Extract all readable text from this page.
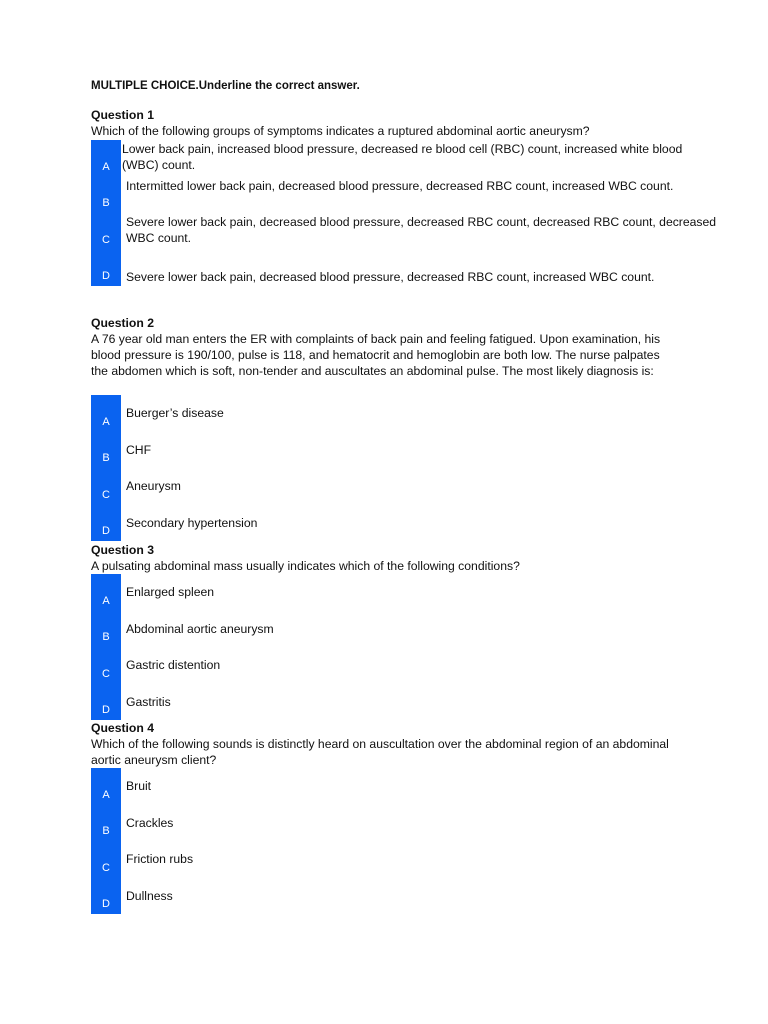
MULTIPLE CHOICE.Underline the correct answer.
Question 1
Which of the following groups of symptoms indicates a ruptured abdominal aortic aneurysm?
A
Lower back pain, increased blood pressure, decreased re blood cell (RBC) count, increased white blood (WBC) count.
B
Intermitted lower back pain, decreased blood pressure, decreased RBC count, increased WBC count.
C
Severe lower back pain, decreased blood pressure, decreased RBC count, decreased RBC count, decreased WBC count.
D	Severe lower back pain, decreased blood pressure, decreased RBC count, increased WBC count.
Question 2
A 76 year old man enters the ER with complaints of back pain and feeling fatigued. Upon examination, his blood pressure is 190/100, pulse is 118, and hematocrit and hemoglobin are both low. The nurse palpates the abdomen which is soft, non-tender and auscultates an abdominal pulse. The most likely diagnosis is:
A
Buerger’s disease
B
CHF
C
Aneurysm
D
Secondary hypertension
Question 3
A pulsating abdominal mass usually indicates which of the following conditions?
A
Enlarged spleen
B
Abdominal aortic aneurysm
C
Gastric distention
D
Gastritis
Question 4
Which of the following sounds is distinctly heard on auscultation over the abdominal region of an abdominal aortic aneurysm client?
A
Bruit
B
Crackles
C
Friction rubs
D
Dullness
